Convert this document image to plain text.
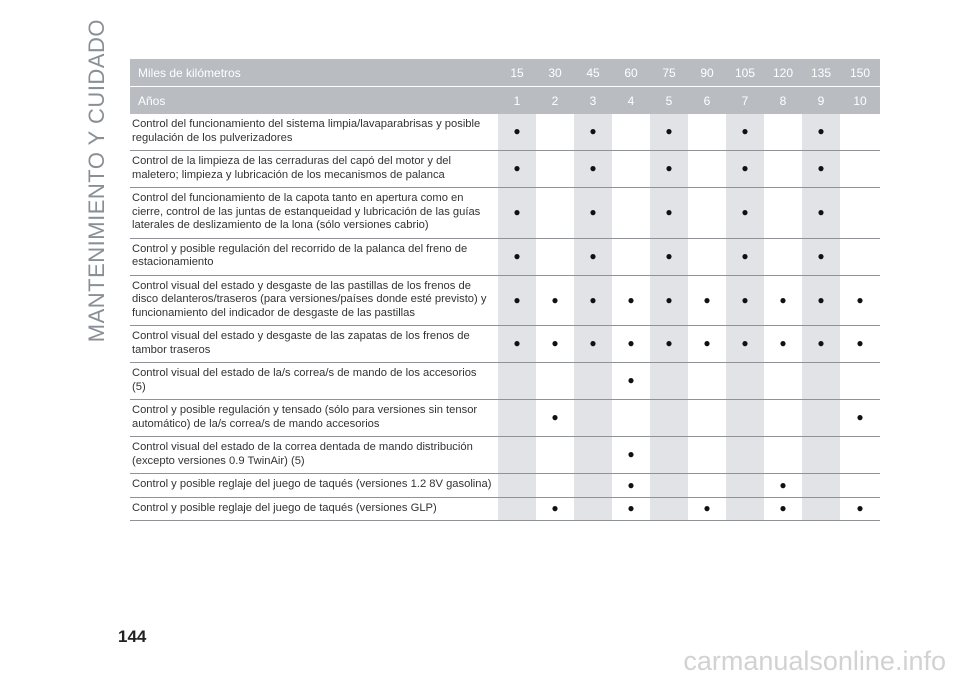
MANTENIMIENTO Y CUIDADO Miles de kilómetros	15	30	45	60	75	90	105	120	135	150
Años	1	2	3	4	5	6	7	8	9	10
Control del funcionamiento del sistema limpia/lavaparabrisas y posible regulación de los pulverizadores	●		●		●		●		●	
Control de la limpieza de las cerraduras del capó del motor y del maletero; limpieza y lubricación de los mecanismos de palanca	●		●		●		●		●	
Control del funcionamiento de la capota tanto en apertura como en cierre, control de las juntas de estanqueidad y lubricación de las guías laterales de deslizamiento de la lona (sólo versiones cabrio)	●		●		●		●		●	
Control y posible regulación del recorrido de la palanca del freno de estacionamiento	●		●		●		●		●	
Control visual del estado y desgaste de las pastillas de los frenos de disco delanteros/traseros (para versiones/países donde esté previsto) y funcionamiento del indicador de desgaste de las pastillas	●	●	●	●	●	●	●	●	●	●
Control visual del estado y desgaste de las zapatas de los frenos de tambor traseros	●	●	●	●	●	●	●	●	●	●
Control visual del estado de la/s correa/s de mando de los accesorios (5)				●						
Control y posible regulación y tensado (sólo para versiones sin tensor automático) de la/s correa/s de mando accesorios		●								●
Control visual del estado de la correa dentada de mando distribución (excepto versiones 0.9 TwinAir) (5)				●						
Control y posible reglaje del juego de taqués (versiones 1.2 8V gasolina)				●				●		
Control y posible reglaje del juego de taqués (versiones GLP)		●		●		●		●		●
144
carmanualsonline.info
